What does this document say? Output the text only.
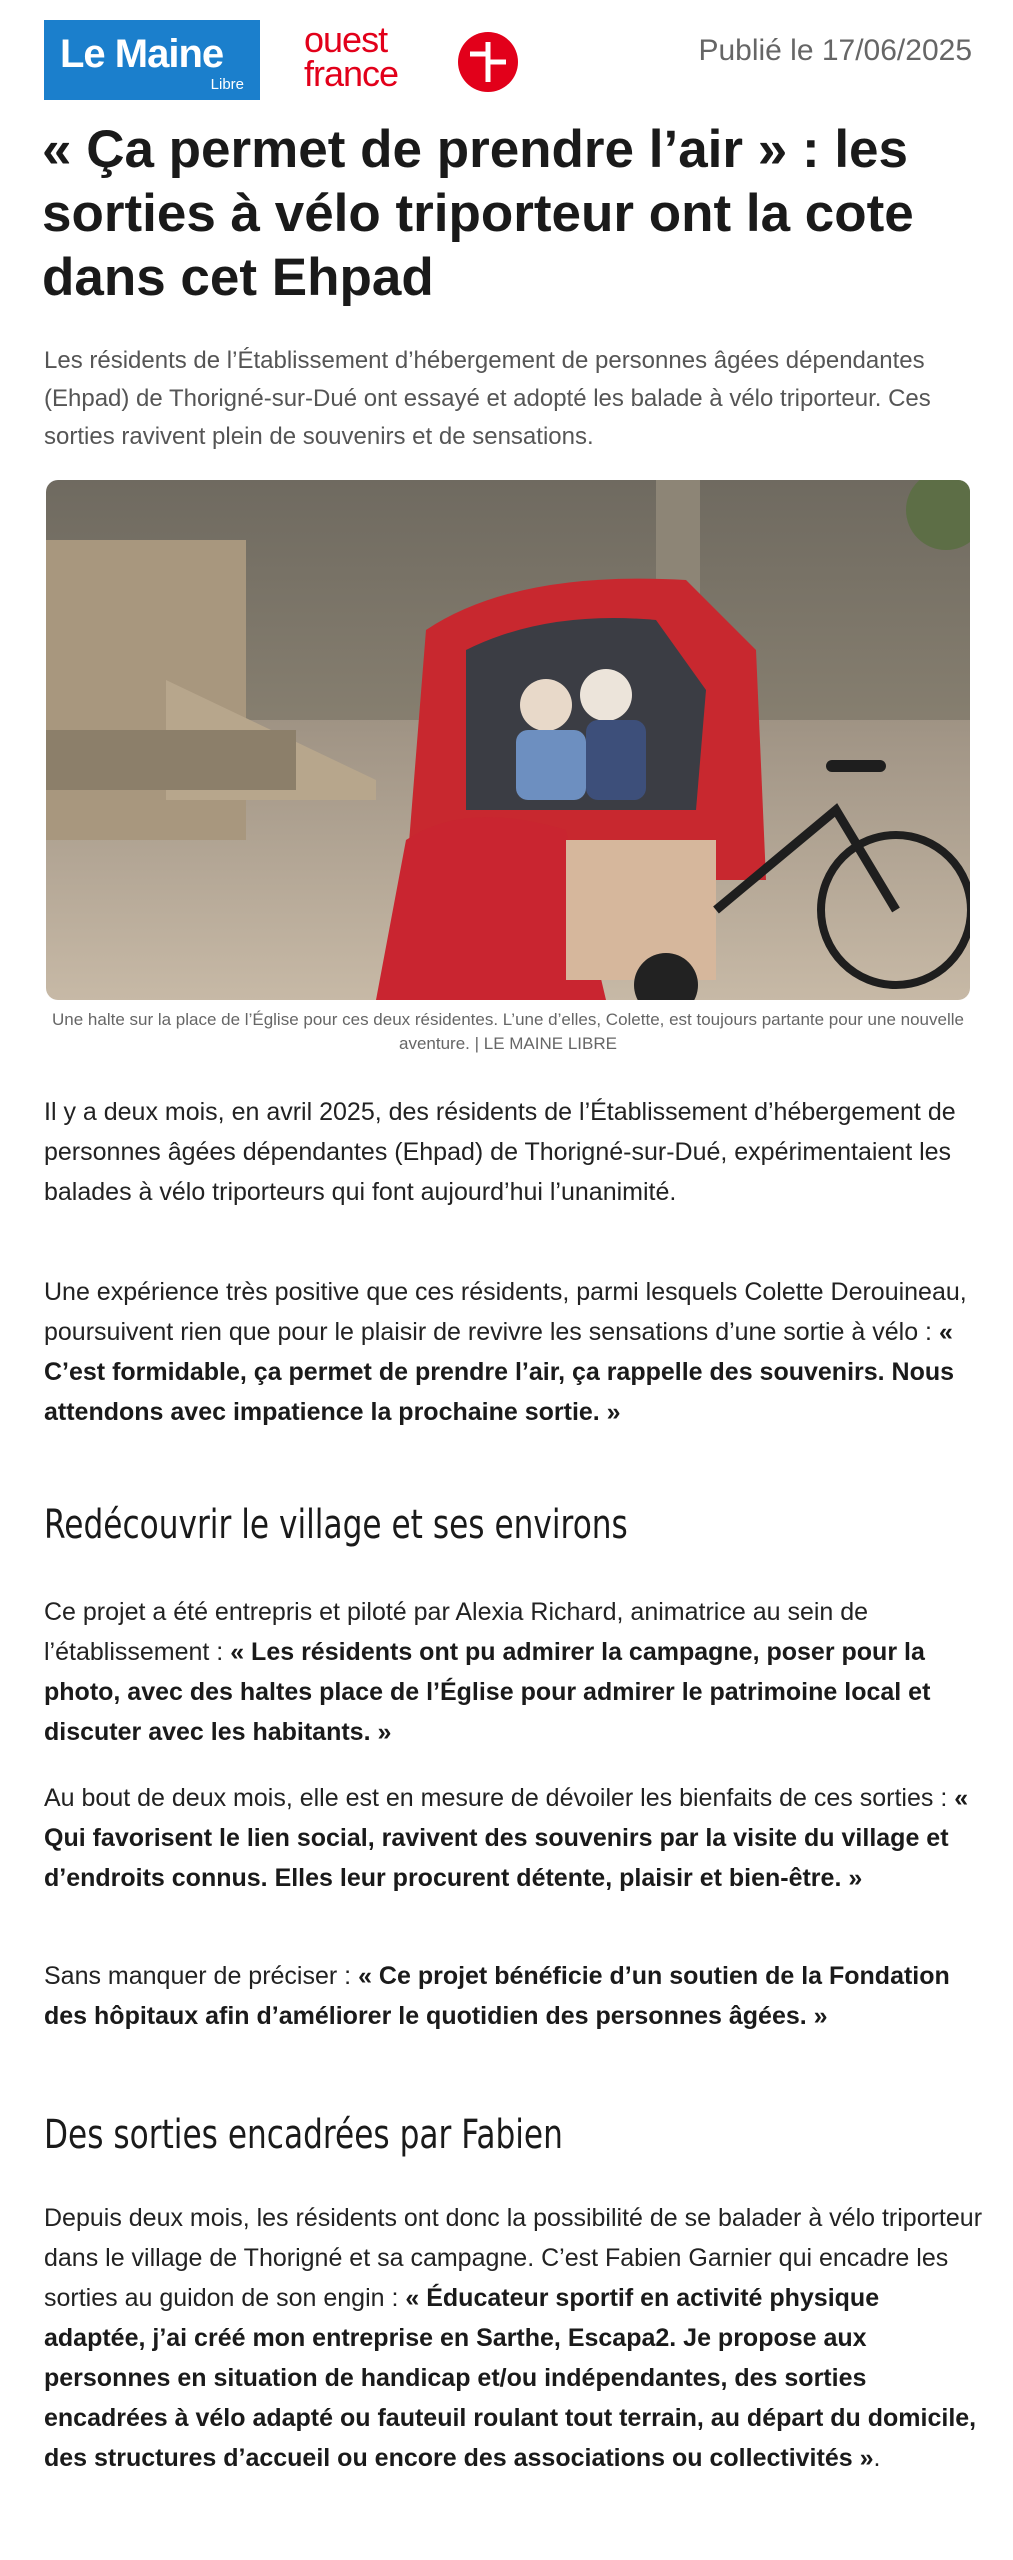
Le Maine
Libre
ouest
france
Publié le 17/06/2025
« Ça permet de prendre l’air » : les sorties à vélo triporteur ont la cote dans cet Ehpad

Les résidents de l’Établissement d’hébergement de personnes âgées dépendantes (Ehpad) de Thorigné-sur-Dué ont essayé et adopté les balade à vélo triporteur. Ces sorties ravivent plein de souvenirs et de sensations.

Une halte sur la place de l’Église pour ces deux résidentes. L’une d’elles, Colette, est toujours partante pour une nouvelle aventure. | LE MAINE LIBRE

Il y a deux mois, en avril 2025, des résidents de l’Établissement d’hébergement de personnes âgées dépendantes (Ehpad) de Thorigné-sur-Dué, expérimentaient les balades à vélo triporteurs qui font aujourd’hui l’unanimité.

Une expérience très positive que ces résidents, parmi lesquels Colette Derouineau, poursuivent rien que pour le plaisir de revivre les sensations d’une sortie à vélo : « C’est formidable, ça permet de prendre l’air, ça rappelle des souvenirs. Nous attendons avec impatience la prochaine sortie. »

Redécouvrir le village et ses environs

Ce projet a été entrepris et piloté par Alexia Richard, animatrice au sein de l’établissement : « Les résidents ont pu admirer la campagne, poser pour la photo, avec des haltes place de l’Église pour admirer le patrimoine local et discuter avec les habitants. »

Au bout de deux mois, elle est en mesure de dévoiler les bienfaits de ces sorties : « Qui favorisent le lien social, ravivent des souvenirs par la visite du village et d’endroits connus. Elles leur procurent détente, plaisir et bien-être. »

Sans manquer de préciser : « Ce projet bénéficie d’un soutien de la Fondation des hôpitaux afin d’améliorer le quotidien des personnes âgées. »

Des sorties encadrées par Fabien

Depuis deux mois, les résidents ont donc la possibilité de se balader à vélo triporteur dans le village de Thorigné et sa campagne. C’est Fabien Garnier qui encadre les sorties au guidon de son engin : « Éducateur sportif en activité physique adaptée, j’ai créé mon entreprise en Sarthe, Escapa2. Je propose aux personnes en situation de handicap et/ou indépendantes, des sorties encadrées à vélo adapté ou fauteuil roulant tout terrain, au départ du domicile, des structures d’accueil ou encore des associations ou collectivités ».
